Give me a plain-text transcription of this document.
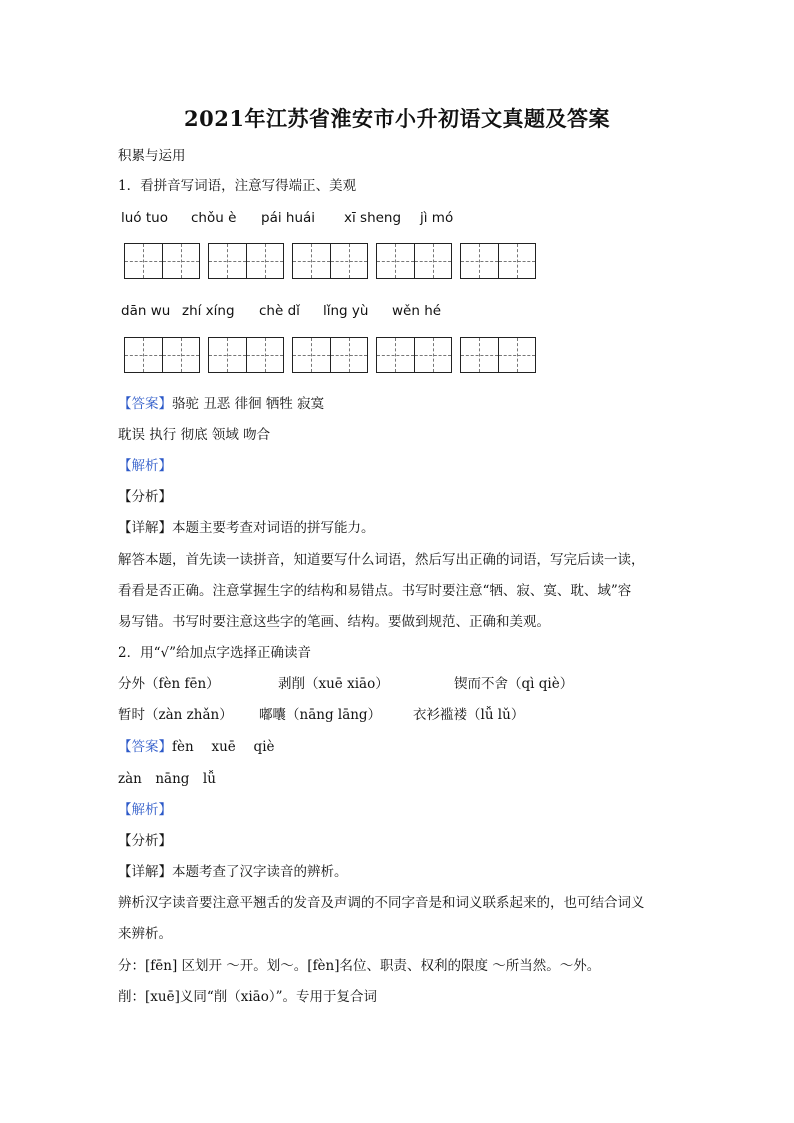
2021年江苏省淮安市小升初语文真题及答案
积累与运用
1．看拼音写词语，注意写得端正、美观
luó tuo chǒu è pái huái xī sheng jì mó
dān wu zhí xíng chè dǐ lǐng yù wěn hé
【答案】骆驼 丑恶 徘徊 牺牲 寂寞
耽误 执行 彻底 领域 吻合
【解析】
【分析】
【详解】本题主要考查对词语的拼写能力。
解答本题，首先读一读拼音，知道要写什么词语，然后写出正确的词语，写完后读一读，
看看是否正确。注意掌握生字的结构和易错点。书写时要注意“牺、寂、寞、耽、域”容
易写错。书写时要注意这些字的笔画、结构。要做到规范、正确和美观。
2．用“√”给加点字选择正确读音
分外（fèn fēn）	剥削（xuē xiāo）	锲而不舍（qì qiè）
暂时（zàn zhǎn） 嘟囔（nāng lāng） 衣衫褴褛（lǚ lǔ）
【答案】fèn　 xuē　 qiè
zàn　nāng　lǚ
【解析】
【分析】
【详解】本题考查了汉字读音的辨析。
辨析汉字读音要注意平翘舌的发音及声调的不同字音是和词义联系起来的，也可结合词义
来辨析。
分：[fēn] 区划开 ～开。划～。[fèn]名位、职责、权利的限度 ～所当然。～外。
削：[xuē]义同“削（xiāo）”。专用于复合词
